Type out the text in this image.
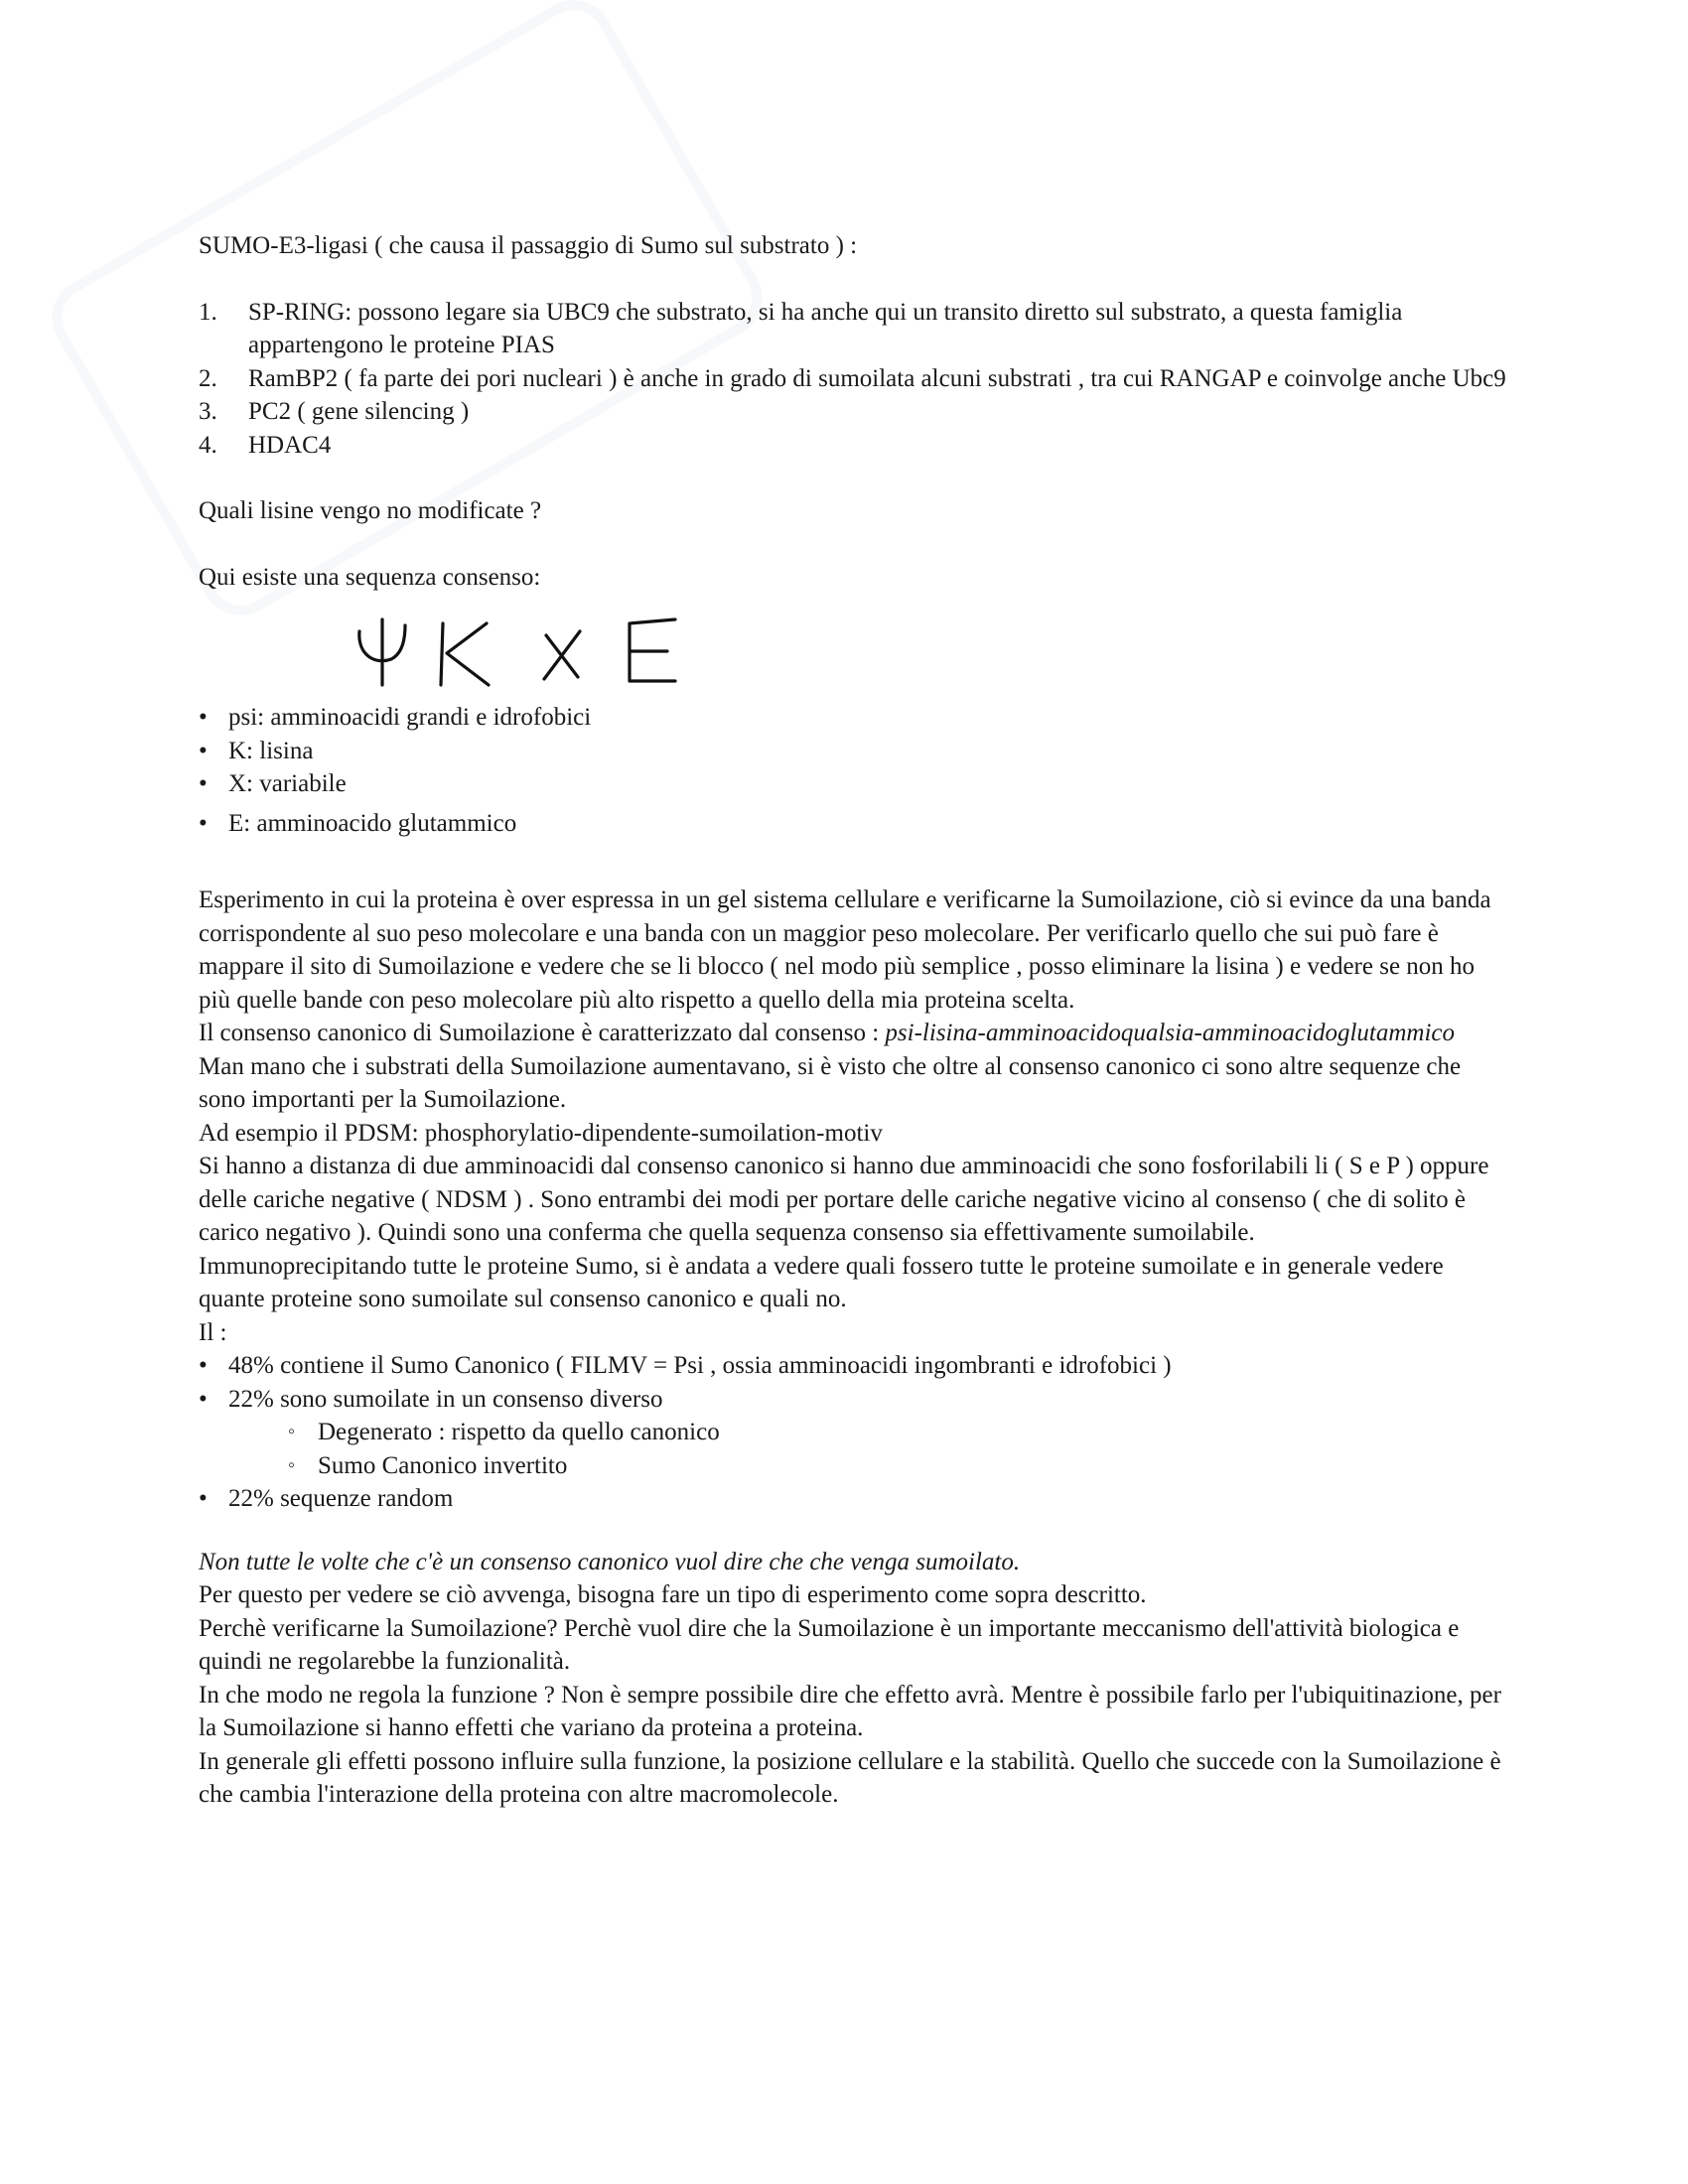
SUMO-E3-ligasi ( che causa il passaggio di Sumo sul substrato ) :

1. SP-RING: possono legare sia UBC9 che substrato, si ha anche qui un transito diretto sul substrato, a questa famiglia appartengono le proteine PIAS
2. RamBP2 ( fa parte dei pori nucleari ) è anche in grado di sumoilata alcuni substrati , tra cui RANGAP e coinvolge anche Ubc9
3. PC2 ( gene silencing )
4. HDAC4

Quali lisine vengo no modificate ?

Qui esiste una sequenza consenso:

• psi: amminoacidi grandi e idrofobici
• K: lisina
• X: variabile
• E: amminoacido glutammico

Esperimento in cui la proteina è over espressa in un gel sistema cellulare e verificarne la Sumoilazione, ciò si evince da una banda corrispondente al suo peso molecolare e una banda con un maggior peso molecolare. Per verificarlo quello che sui può fare è mappare il sito di Sumoilazione e vedere che se li blocco ( nel modo più semplice , posso eliminare la lisina ) e vedere se non ho più quelle bande con peso molecolare più alto rispetto a quello della mia proteina scelta.

Il consenso canonico di Sumoilazione è caratterizzato dal consenso : psi-lisina-amminoacidoqualsia-amminoacidoglutammico

Man mano che i substrati della Sumoilazione aumentavano, si è visto che oltre al consenso canonico ci sono altre sequenze che sono importanti per la Sumoilazione.

Ad esempio il PDSM: phosphorylatio-dipendente-sumoilation-motiv

Si hanno a distanza di due amminoacidi dal consenso canonico si hanno due amminoacidi che sono fosforilabili li ( S e P ) oppure delle cariche negative ( NDSM ) . Sono entrambi dei modi per portare delle cariche negative vicino al consenso ( che di solito è carico negativo ). Quindi sono una conferma che quella sequenza consenso sia effettivamente sumoilabile.

Immunoprecipitando tutte le proteine Sumo, si è andata a vedere quali fossero tutte le proteine sumoilate e in generale vedere quante proteine sono sumoilate sul consenso canonico e quali no.

Il :

• 48% contiene il Sumo Canonico ( FILMV = Psi , ossia amminoacidi ingombranti e idrofobici )
• 22% sono sumoilate in un consenso diverso
◦ Degenerato : rispetto da quello canonico
◦ Sumo Canonico invertito
• 22% sequenze random

Non tutte le volte che c'è un consenso canonico vuol dire che che venga sumoilato.

Per questo per vedere se ciò avvenga, bisogna fare un tipo di esperimento come sopra descritto.

Perchè verificarne la Sumoilazione? Perchè vuol dire che la Sumoilazione è un importante meccanismo dell'attività biologica e quindi ne regolarebbe la funzionalità.

In che modo ne regola la funzione ? Non è sempre possibile dire che effetto avrà. Mentre è possibile farlo per l'ubiquitinazione, per la Sumoilazione si hanno effetti che variano da proteina a proteina.

In generale gli effetti possono influire sulla funzione, la posizione cellulare e la stabilità. Quello che succede con la Sumoilazione è che cambia l'interazione della proteina con altre macromolecole.
